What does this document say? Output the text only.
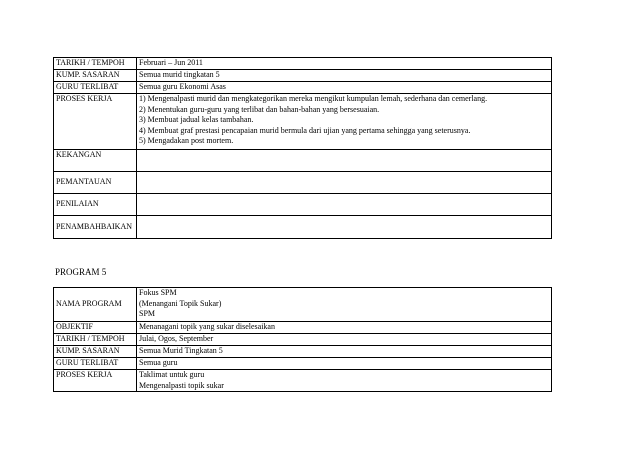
TARIKH / TEMPOH	Februari – Jun 2011

KUMP. SASARAN	Semua murid tingkatan 5

GURU TERLIBAT	Semua guru Ekonomi Asas

PROSES KERJA	1) Mengenalpasti murid dan mengkategorikan mereka mengikut kumpulan lemah, sederhana dan cemerlang.
2) Menentukan guru-guru yang terlibat dan bahan-bahan yang bersesuaian.
3) Membuat jadual kelas tambahan.
4) Membuat graf prestasi pencapaian murid bermula dari ujian yang pertama sehingga yang seterusnya.
5) Mengadakan post mortem.

KEKANGAN	
PEMANTAUAN	
PENILAIAN	
PENAMBAHBAIKAN	
PROGRAM 5
NAMA PROGRAM	Fokus SPM
(Menangani Topik Sukar)
SPM

OBJEKTIF	Menanagani topik yang sukar diselesaikan

TARIKH / TEMPOH	Julai, Ogos, September

KUMP. SASARAN	Semua Murid Tingkatan 5

GURU TERLIBAT	Semua guru

PROSES KERJA	Taklimat untuk guru
Mengenalpasti topik sukar
